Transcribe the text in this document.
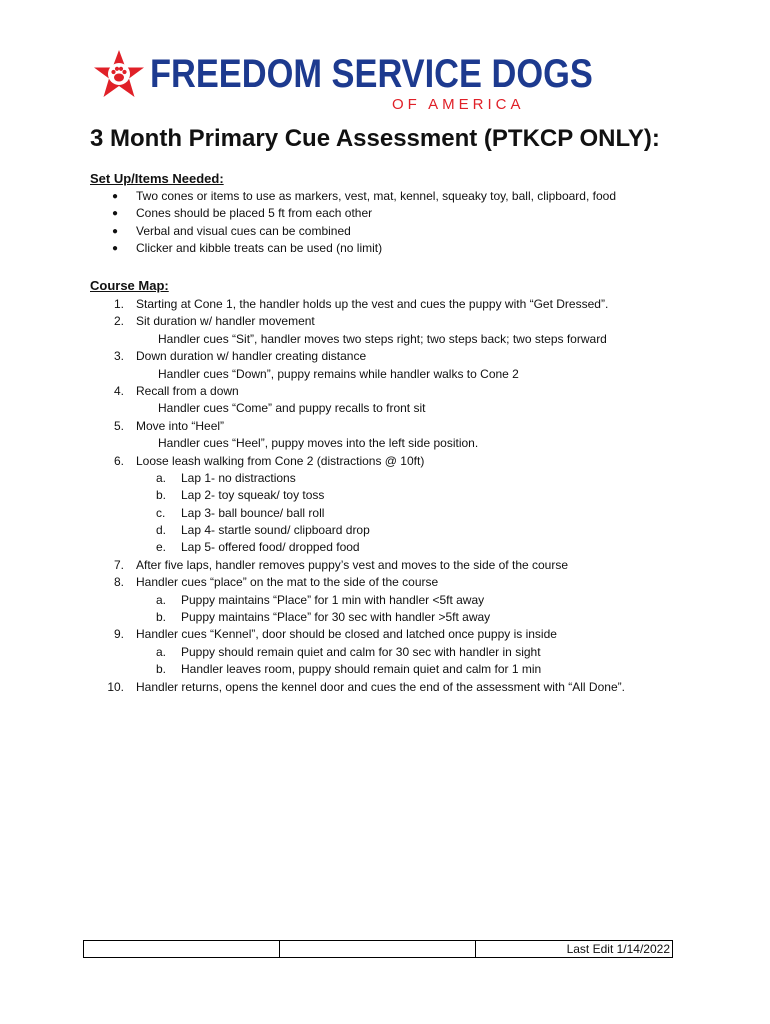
FREEDOM SERVICE DOGS
OF AMERICA
3 Month Primary Cue Assessment (PTKCP ONLY):
Set Up/Items Needed:
● Two cones or items to use as markers, vest, mat, kennel, squeaky toy, ball, clipboard, food
● Cones should be placed 5 ft from each other
● Verbal and visual cues can be combined
● Clicker and kibble treats can be used (no limit)
Course Map:
1. Starting at Cone 1, the handler holds up the vest and cues the puppy with “Get Dressed”.
2. Sit duration w/ handler movement
Handler cues “Sit”, handler moves two steps right; two steps back; two steps forward
3. Down duration w/ handler creating distance
Handler cues “Down”, puppy remains while handler walks to Cone 2
4. Recall from a down
Handler cues “Come” and puppy recalls to front sit
5. Move into “Heel”
Handler cues “Heel”, puppy moves into the left side position.
6. Loose leash walking from Cone 2 (distractions @ 10ft)
a.	Lap 1- no distractions
b.	Lap 2- toy squeak/ toy toss
c.	Lap 3- ball bounce/ ball roll
d.	Lap 4- startle sound/ clipboard drop
e.	Lap 5- offered food/ dropped food
7. After five laps, handler removes puppy’s vest and moves to the side of the course
8. Handler cues “place” on the mat to the side of the course
a.	Puppy maintains “Place” for 1 min with handler <5ft away
b.	Puppy maintains “Place” for 30 sec with handler >5ft away
9. Handler cues “Kennel”, door should be closed and latched once puppy is inside
a.	Puppy should remain quiet and calm for 30 sec with handler in sight
b.	Handler leaves room, puppy should remain quiet and calm for 1 min
10. Handler returns, opens the kennel door and cues the end of the assessment with “All Done”.
Last Edit 1/14/2022
